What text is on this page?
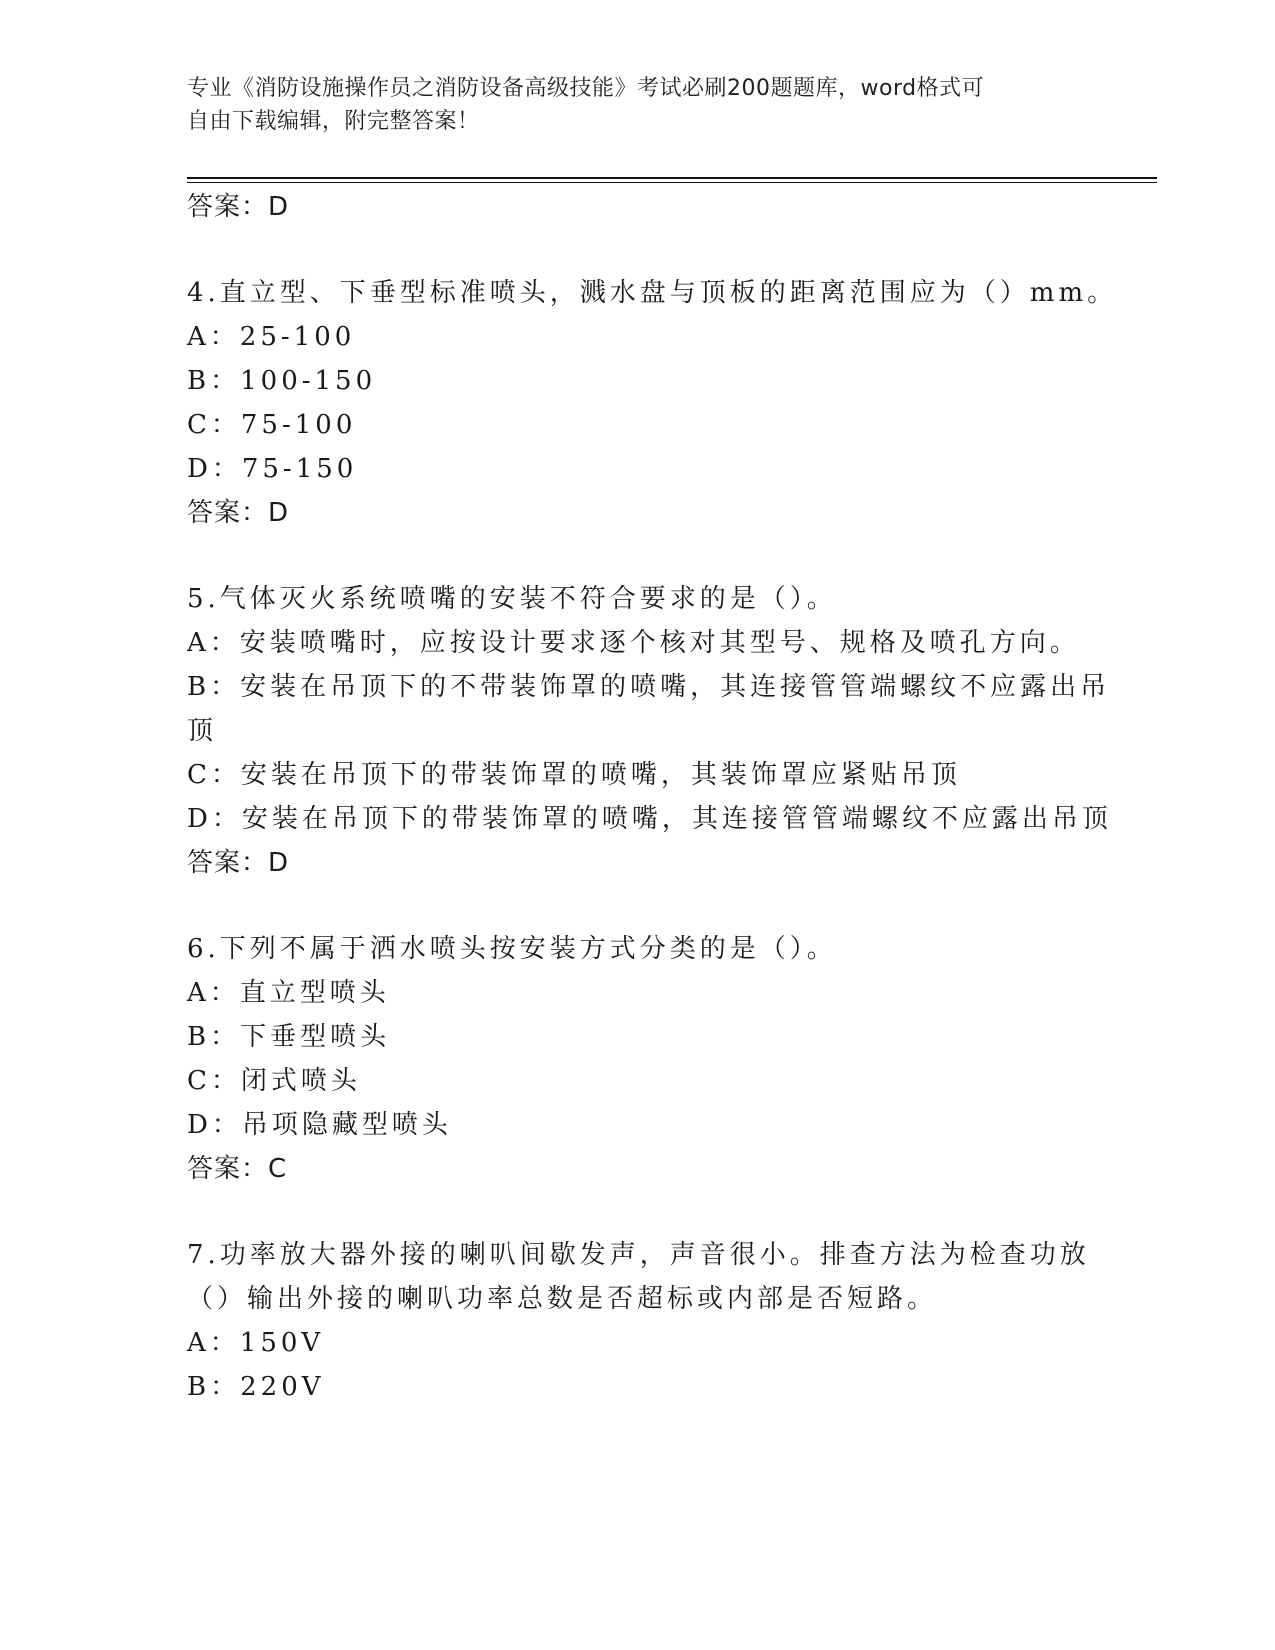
专业《消防设施操作员之消防设备高级技能》考试必刷200题题库，word格式可
自由下载编辑，附完整答案！
答案：D
4.直立型、下垂型标准喷头，溅水盘与顶板的距离范围应为（）mm。
A：25-100
B：100-150
C：75-100
D：75-150
答案：D
5.气体灭火系统喷嘴的安装不符合要求的是（）。
A：安装喷嘴时，应按设计要求逐个核对其型号、规格及喷孔方向。
B：安装在吊顶下的不带装饰罩的喷嘴，其连接管管端螺纹不应露出吊
顶
C：安装在吊顶下的带装饰罩的喷嘴，其装饰罩应紧贴吊顶
D：安装在吊顶下的带装饰罩的喷嘴，其连接管管端螺纹不应露出吊顶
答案：D
6.下列不属于洒水喷头按安装方式分类的是（）。
A：直立型喷头
B：下垂型喷头
C：闭式喷头
D：吊项隐藏型喷头
答案：C
7.功率放大器外接的喇叭间歇发声，声音很小。排查方法为检查功放
（）输出外接的喇叭功率总数是否超标或内部是否短路。
A：150V
B：220V
